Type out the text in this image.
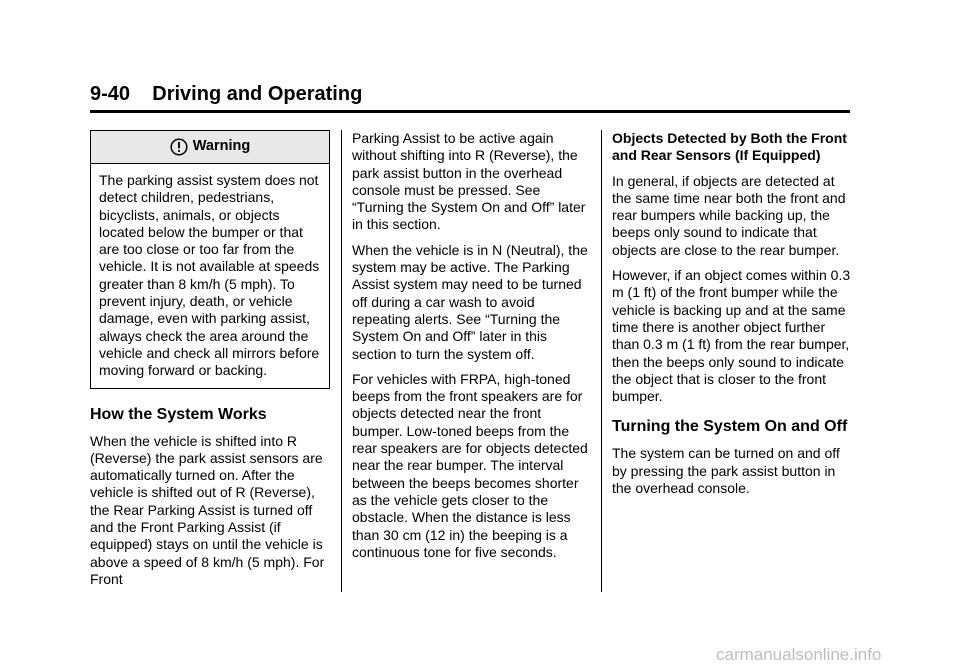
9-40 Driving and Operating
Warning

The parking assist system does not detect children, pedestrians, bicyclists, animals, or objects located below the bumper or that are too close or too far from the vehicle. It is not available at speeds greater than 8 km/h (5 mph). To prevent injury, death, or vehicle damage, even with parking assist, always check the area around the vehicle and check all mirrors before moving forward or backing.

How the System Works

When the vehicle is shifted into R (Reverse) the park assist sensors are automatically turned on. After the vehicle is shifted out of R (Reverse), the Rear Parking Assist is turned off and the Front Parking Assist (if equipped) stays on until the vehicle is above a speed of 8 km/h (5 mph). For Front

Parking Assist to be active again without shifting into R (Reverse), the park assist button in the overhead console must be pressed. See “Turning the System On and Off” later in this section.

When the vehicle is in N (Neutral), the system may be active. The Parking Assist system may need to be turned off during a car wash to avoid repeating alerts. See “Turning the System On and Off” later in this section to turn the system off.

For vehicles with FRPA, high-toned beeps from the front speakers are for objects detected near the front bumper. Low-toned beeps from the rear speakers are for objects detected near the rear bumper. The interval between the beeps becomes shorter as the vehicle gets closer to the obstacle. When the distance is less than 30 cm (12 in) the beeping is a continuous tone for five seconds.

Objects Detected by Both the Front and Rear Sensors (If Equipped)

In general, if objects are detected at the same time near both the front and rear bumpers while backing up, the beeps only sound to indicate that objects are close to the rear bumper.

However, if an object comes within 0.3 m (1 ft) of the front bumper while the vehicle is backing up and at the same time there is another object further than 0.3 m (1 ft) from the rear bumper, then the beeps only sound to indicate the object that is closer to the front bumper.

Turning the System On and Off

The system can be turned on and off by pressing the park assist button in the overhead console.

carmanualsonline.info
